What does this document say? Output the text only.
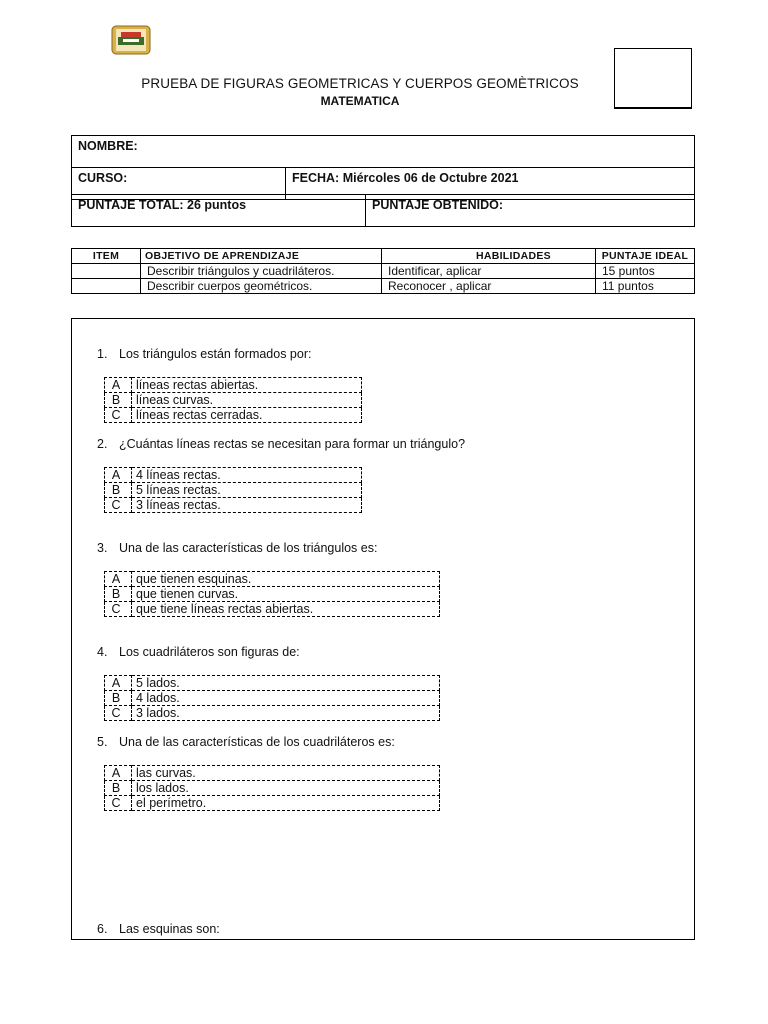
PRUEBA DE FIGURAS GEOMETRICAS Y CUERPOS GEOMÈTRICOS
MATEMATICA
NOMBRE:
CURSO:	FECHA: Miércoles 06 de Octubre 2021
PUNTAJE TOTAL: 26 puntos	PUNTAJE OBTENIDO:
ITEM	OBJETIVO DE APRENDIZAJE	HABILIDADES	PUNTAJE IDEAL
	Describir triángulos y cuadriláteros.	Identificar, aplicar	15 puntos
	Describir cuerpos geométricos.	Reconocer , aplicar	11 puntos
1. Los triángulos están formados por:
A	líneas rectas abiertas.
B	líneas curvas.
C	líneas rectas cerradas.
2. ¿Cuántas líneas rectas se necesitan para formar un triángulo?
A	4 líneas rectas.
B	5 líneas rectas.
C	3 líneas rectas.
3. Una de las características de los triángulos es:
A	que tienen esquinas.
B	que tienen curvas.
C	que tiene líneas rectas abiertas.
4. Los cuadriláteros son figuras de:
A	5 lados.
B	4 lados.
C	3 lados.
5. Una de las características de los cuadriláteros es:
A	las curvas.
B	los lados.
C	el perímetro.
6. Las esquinas son:
